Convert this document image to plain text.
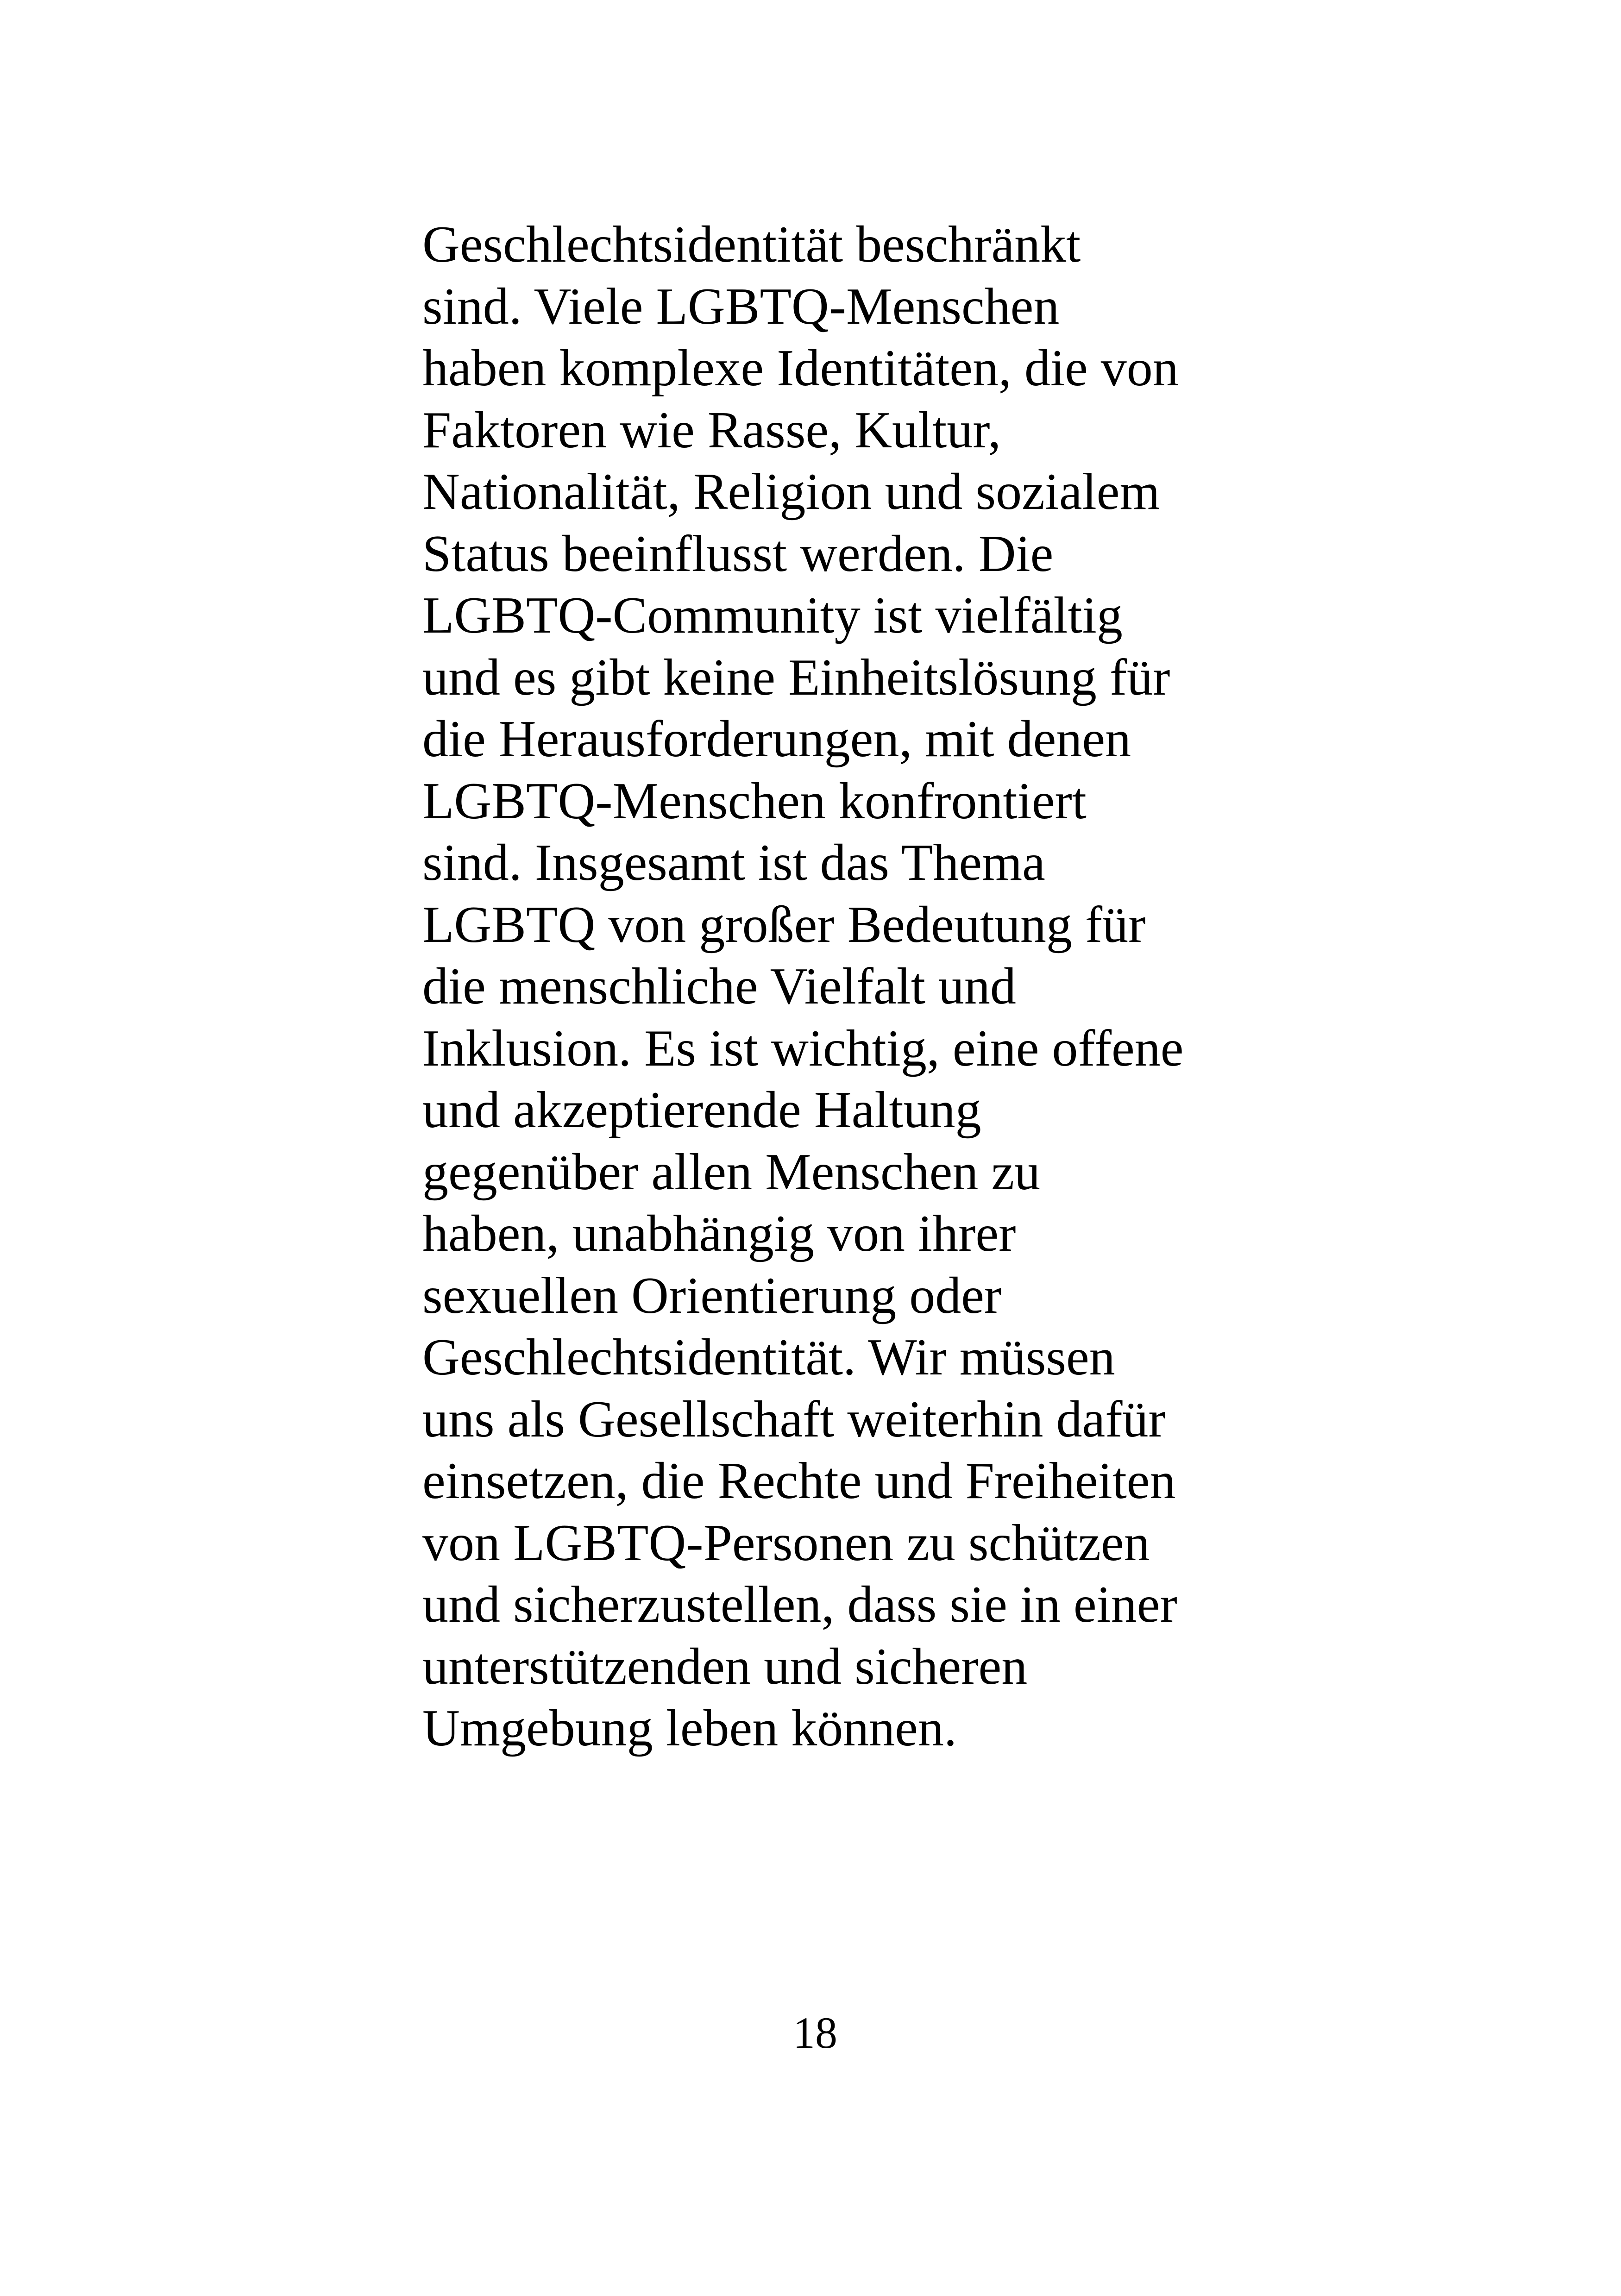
Geschlechtsidentität beschränkt
sind. Viele LGBTQ-Menschen
haben komplexe Identitäten, die von
Faktoren wie Rasse, Kultur,
Nationalität, Religion und sozialem
Status beeinflusst werden. Die
LGBTQ-Community ist vielfältig
und es gibt keine Einheitslösung für
die Herausforderungen, mit denen
LGBTQ-Menschen konfrontiert
sind. Insgesamt ist das Thema
LGBTQ von großer Bedeutung für
die menschliche Vielfalt und
Inklusion. Es ist wichtig, eine offene
und akzeptierende Haltung
gegenüber allen Menschen zu
haben, unabhängig von ihrer
sexuellen Orientierung oder
Geschlechtsidentität. Wir müssen
uns als Gesellschaft weiterhin dafür
einsetzen, die Rechte und Freiheiten
von LGBTQ-Personen zu schützen
und sicherzustellen, dass sie in einer
unterstützenden und sicheren
Umgebung leben können.
18
